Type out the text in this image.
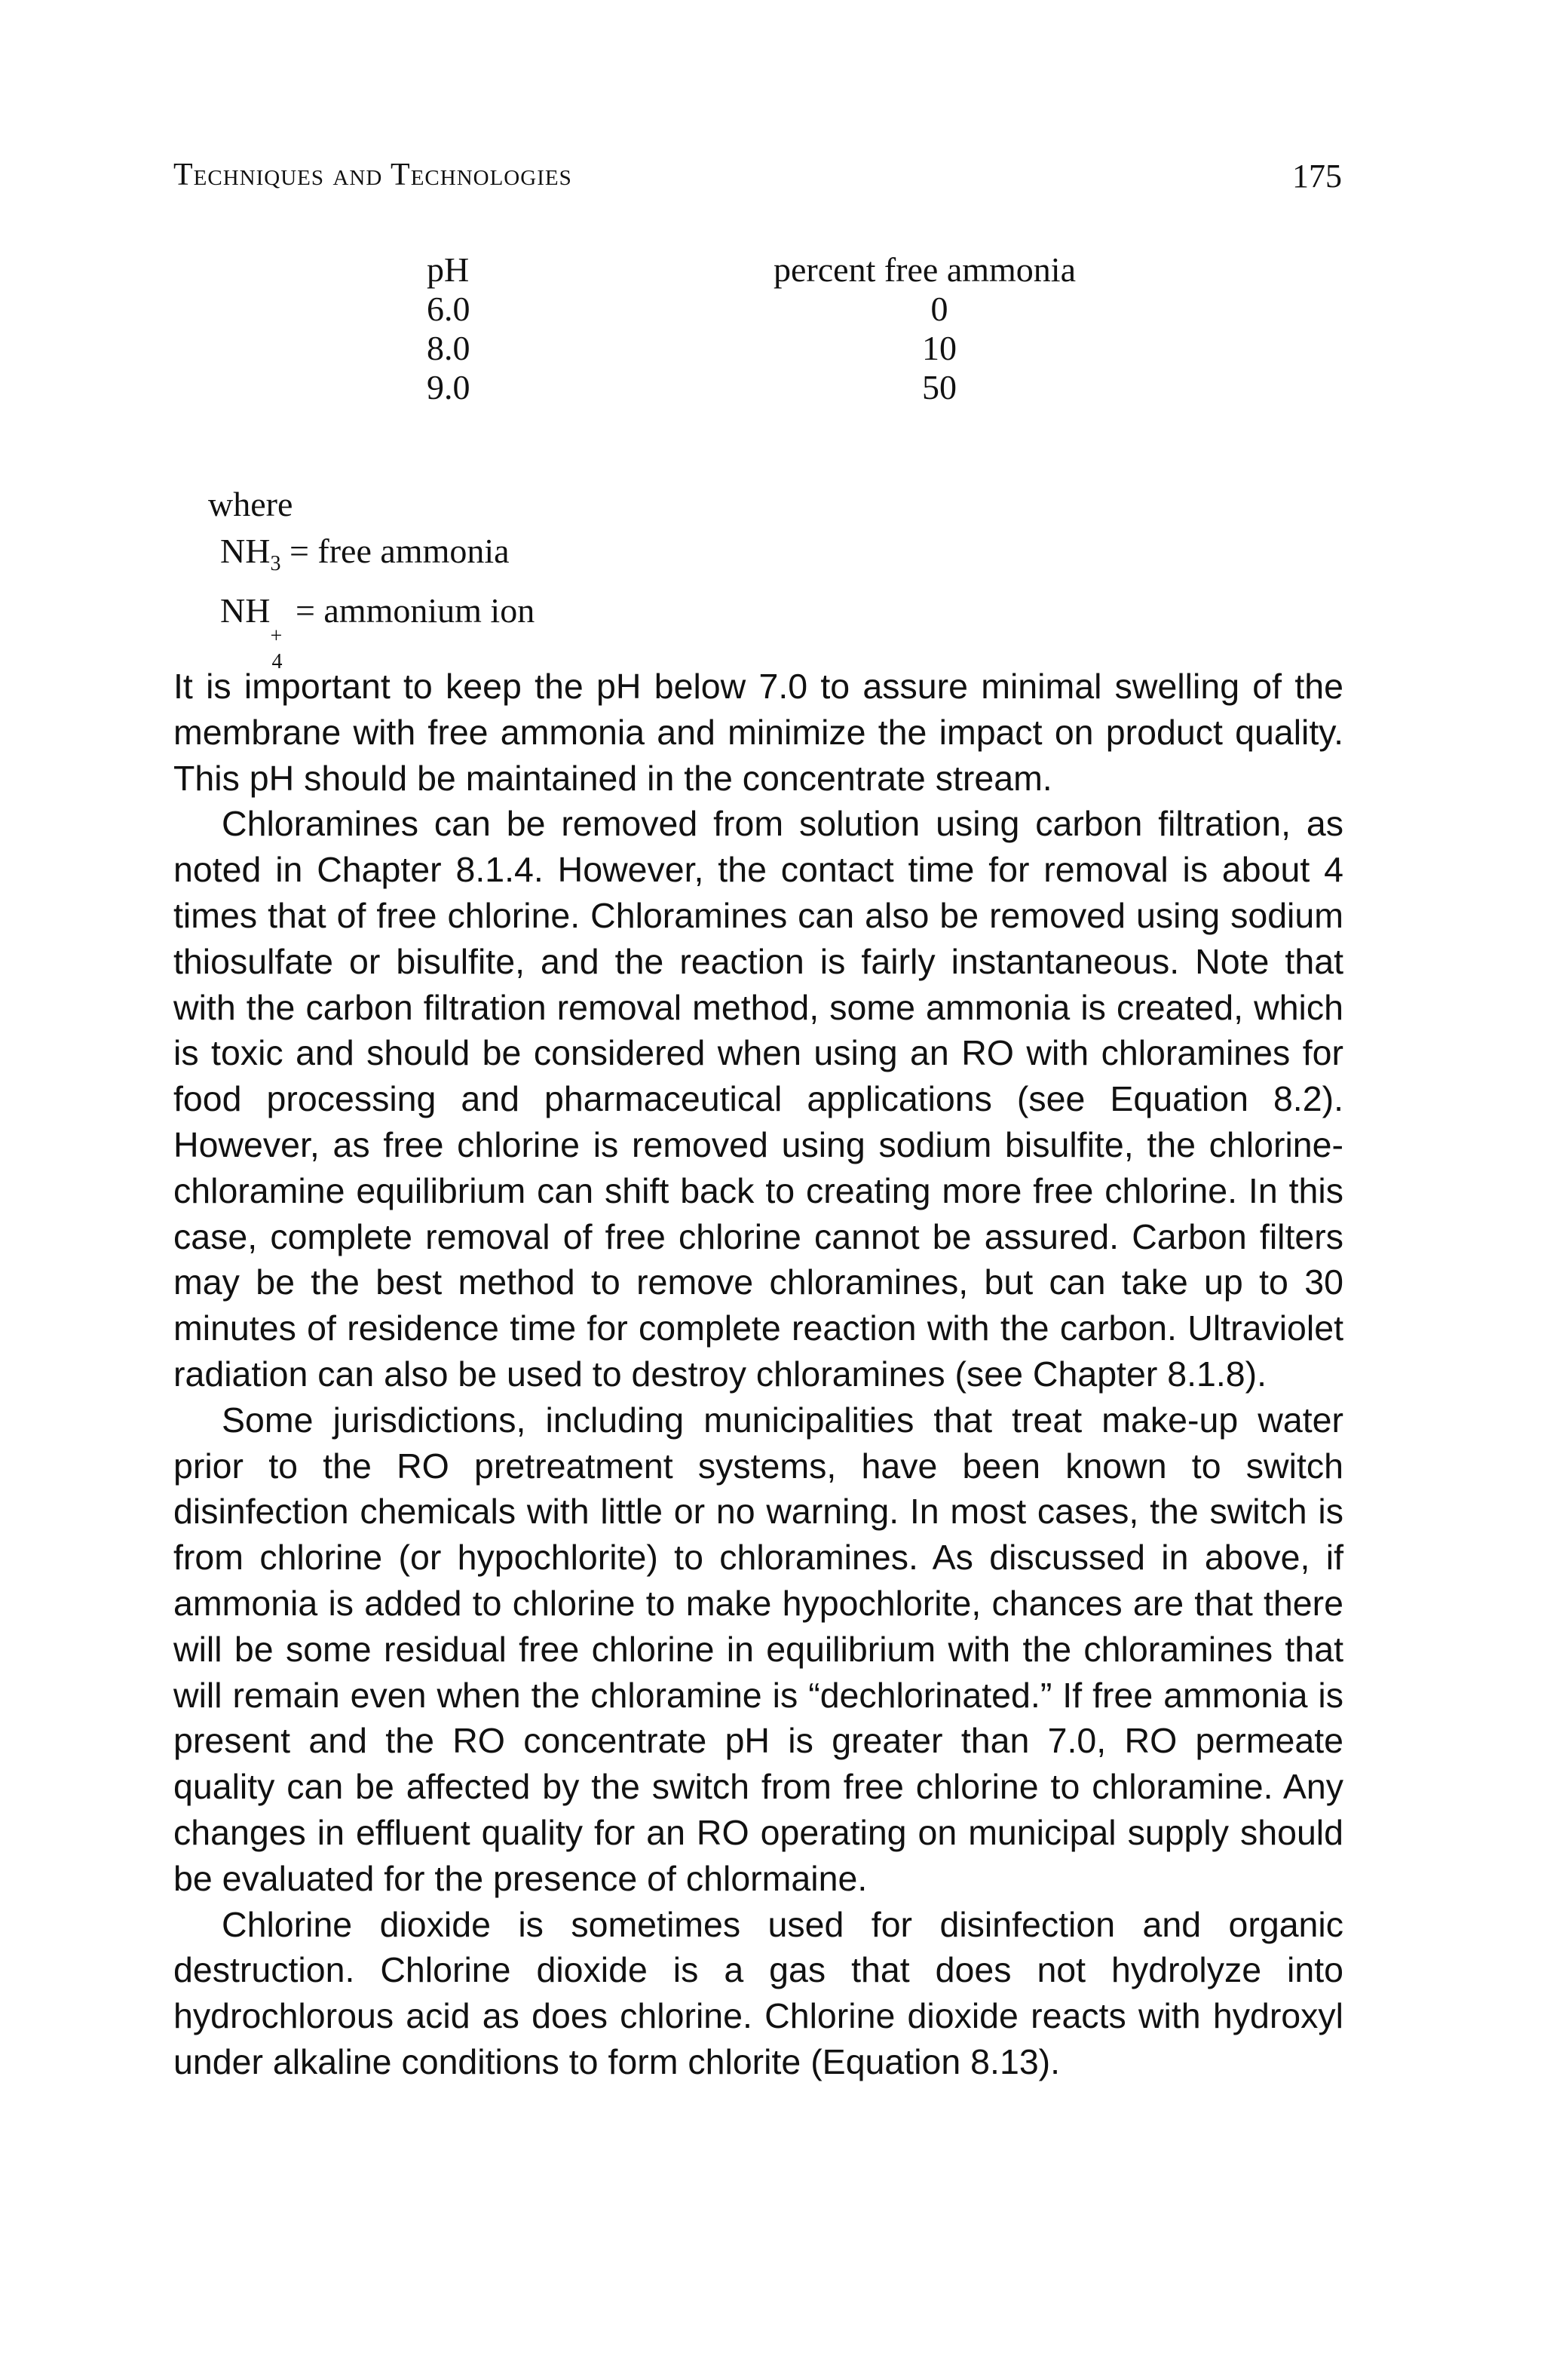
Techniques and Technologies	175
pH	percent free ammonia
6.0	0
8.0	10
9.0	50
where
$NH_3$ = free ammonia
NH
+
4
= ammonium ion

It is important to keep the pH below 7.0 to assure minimal swelling of the membrane with free ammonia and minimize the impact on product quality. This pH should be maintained in the concentrate stream.

Chloramines can be removed from solution using carbon filtration, as noted in Chapter 8.1.4. However, the contact time for removal is about 4 times that of free chlorine. Chloramines can also be removed using sodium thiosulfate or bisulfite, and the reaction is fairly instantaneous. Note that with the carbon filtration removal method, some ammonia is created, which is toxic and should be considered when using an RO with chloramines for food processing and pharmaceutical applications (see Equation 8.2). However, as free chlorine is removed using sodium bisulfite, the chlorine-chloramine equilibrium can shift back to creating more free chlorine. In this case, complete removal of free chlorine cannot be assured. Carbon filters may be the best method to remove chloramines, but can take up to 30 minutes of residence time for complete reaction with the carbon. Ultraviolet radiation can also be used to destroy chloramines (see Chapter 8.1.8).

Some jurisdictions, including municipalities that treat make-up water prior to the RO pretreatment systems, have been known to switch disinfection chemicals with little or no warning. In most cases, the switch is from chlorine (or hypochlorite) to chloramines. As discussed in above, if ammonia is added to chlorine to make hypochlorite, chances are that there will be some residual free chlorine in equilibrium with the chloramines that will remain even when the chloramine is “dechlorinated.” If free ammonia is present and the RO concentrate pH is greater than 7.0, RO permeate quality can be affected by the switch from free chlorine to chloramine. Any changes in effluent quality for an RO operating on municipal supply should be evaluated for the presence of chlormaine.

Chlorine dioxide is sometimes used for disinfection and organic destruction. Chlorine dioxide is a gas that does not hydrolyze into hydrochlorous acid as does chlorine. Chlorine dioxide reacts with hydroxyl under alkaline conditions to form chlorite (Equation 8.13).
